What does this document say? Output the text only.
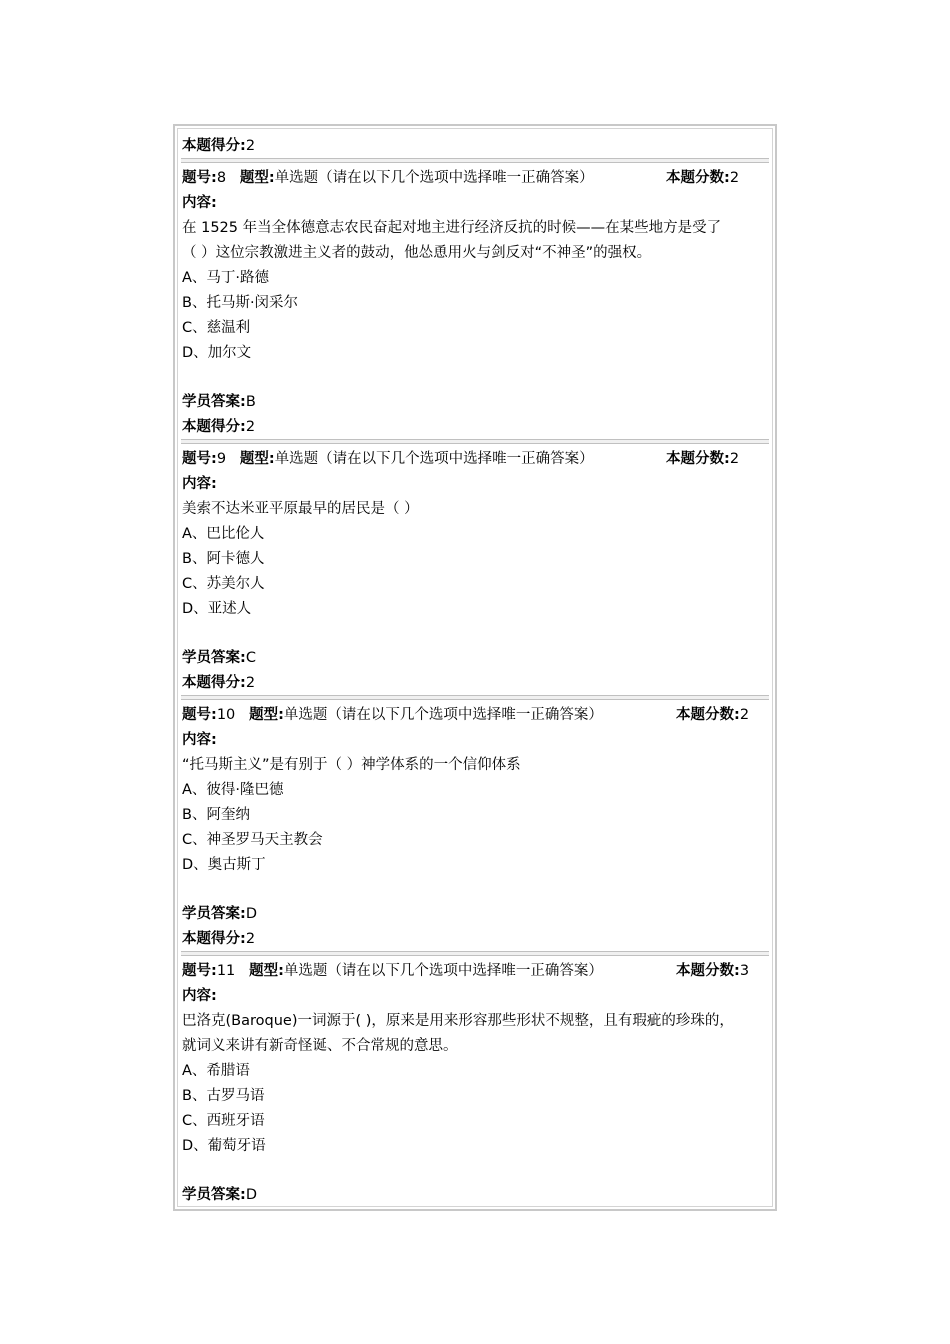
本题得分:2
题号:8 题型:单选题（请在以下几个选项中选择唯一正确答案）	本题分数:2
内容:
在 1525 年当全体德意志农民奋起对地主进行经济反抗的时候——在某些地方是受了
（ ）这位宗教激进主义者的鼓动，他怂恿用火与剑反对“不神圣”的强权。
A、马丁·路德
B、托马斯·闵采尔
C、慈温利
D、加尔文
学员答案:B
本题得分:2
题号:9 题型:单选题（请在以下几个选项中选择唯一正确答案）	本题分数:2
内容:
美索不达米亚平原最早的居民是（ ）
A、巴比伦人
B、阿卡德人
C、苏美尔人
D、亚述人
学员答案:C
本题得分:2
题号:10 题型:单选题（请在以下几个选项中选择唯一正确答案）	本题分数:2
内容:
“托马斯主义”是有别于（ ）神学体系的一个信仰体系
A、彼得·隆巴德
B、阿奎纳
C、神圣罗马天主教会
D、奥古斯丁
学员答案:D
本题得分:2
题号:11 题型:单选题（请在以下几个选项中选择唯一正确答案）	本题分数:3
内容:
巴洛克(Baroque)一词源于( )，原来是用来形容那些形状不规整，且有瑕疵的珍珠的，
就词义来讲有新奇怪诞、不合常规的意思。
A、希腊语
B、古罗马语
C、西班牙语
D、葡萄牙语
学员答案:D
